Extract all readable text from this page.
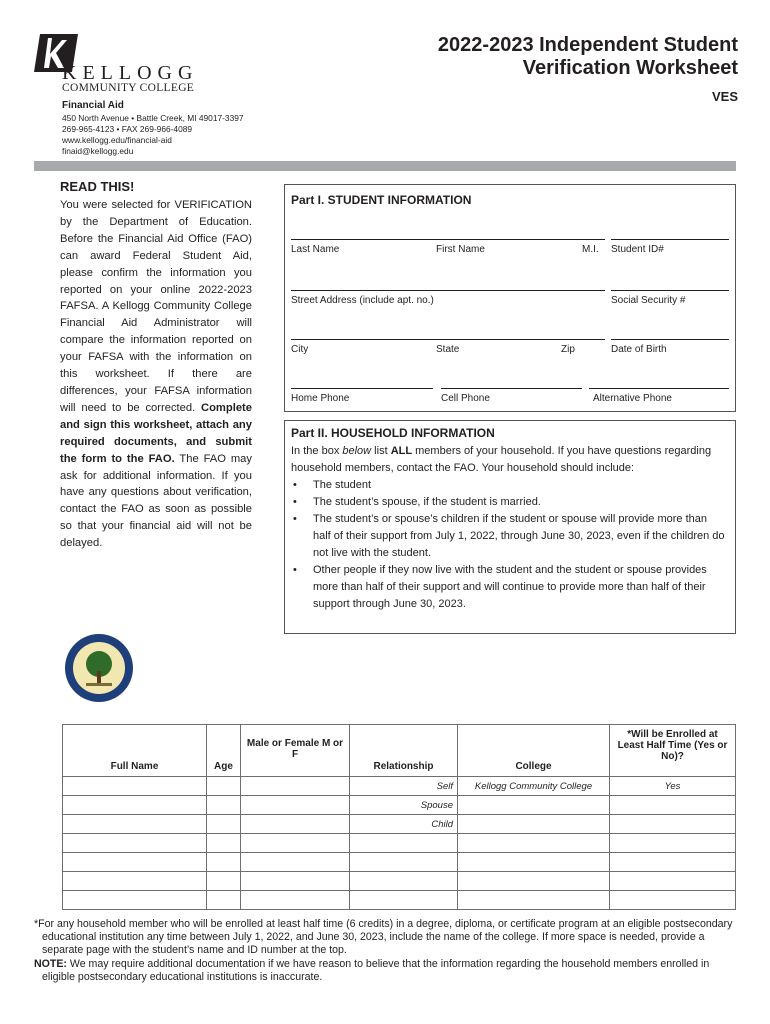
KELLOGG
COMMUNITY COLLEGE
Financial Aid
450 North Avenue • Battle Creek, MI 49017-3397
269-965-4123 • FAX 269-966-4089
www.kellogg.edu/financial-aid
finaid@kellogg.edu
2022-2023 Independent Student
Verification Worksheet
VES
READ THIS!
You were selected for VERIFICATION by the Department of Education. Before the Financial Aid Office (FAO) can award Federal Student Aid, please confirm the information you reported on your online 2022-2023 FAFSA. A Kellogg Community College Financial Aid Administrator will compare the information reported on your FAFSA with the information on this worksheet. If there are differences, your FAFSA information will need to be corrected. Complete and sign this worksheet, attach any required documents, and submit the form to the FAO. The FAO may ask for additional information. If you have any questions about verification, contact the FAO as soon as possible so that your financial aid will not be delayed.
Part I. STUDENT INFORMATION
Last Name	First Name	M.I. Student ID#
Street Address (include apt. no.)	Social Security #
City	State	Zip	Date of Birth
Home Phone	Cell Phone	Alternative Phone
Part II. HOUSEHOLD INFORMATION
In the box below list ALL members of your household. If you have questions regarding household members, contact the FAO. Your household should include:
• The student
• The student’s spouse, if the student is married.
• The student’s or spouse’s children if the student or spouse will provide more than half of their support from July 1, 2022, through June 30, 2023, even if the children do not live with the student.
• Other people if they now live with the student and the student or spouse provides more than half of their support and will continue to provide more than half of their support through June 30, 2023.
Full Name	Age	Male or Female M or F	Relationship	College	*Will be Enrolled at Least Half Time (Yes or No)?
			Self	Kellogg Community College	Yes
			Spouse		
			Child		

*For any household member who will be enrolled at least half time (6 credits) in a degree, diploma, or certificate program at an eligible postsecondary educational institution any time between July 1, 2022, and June 30, 2023, include the name of the college. If more space is needed, provide a separate page with the student’s name and ID number at the top.

NOTE: We may require additional documentation if we have reason to believe that the information regarding the household members enrolled in eligible postsecondary educational institutions is inaccurate.
